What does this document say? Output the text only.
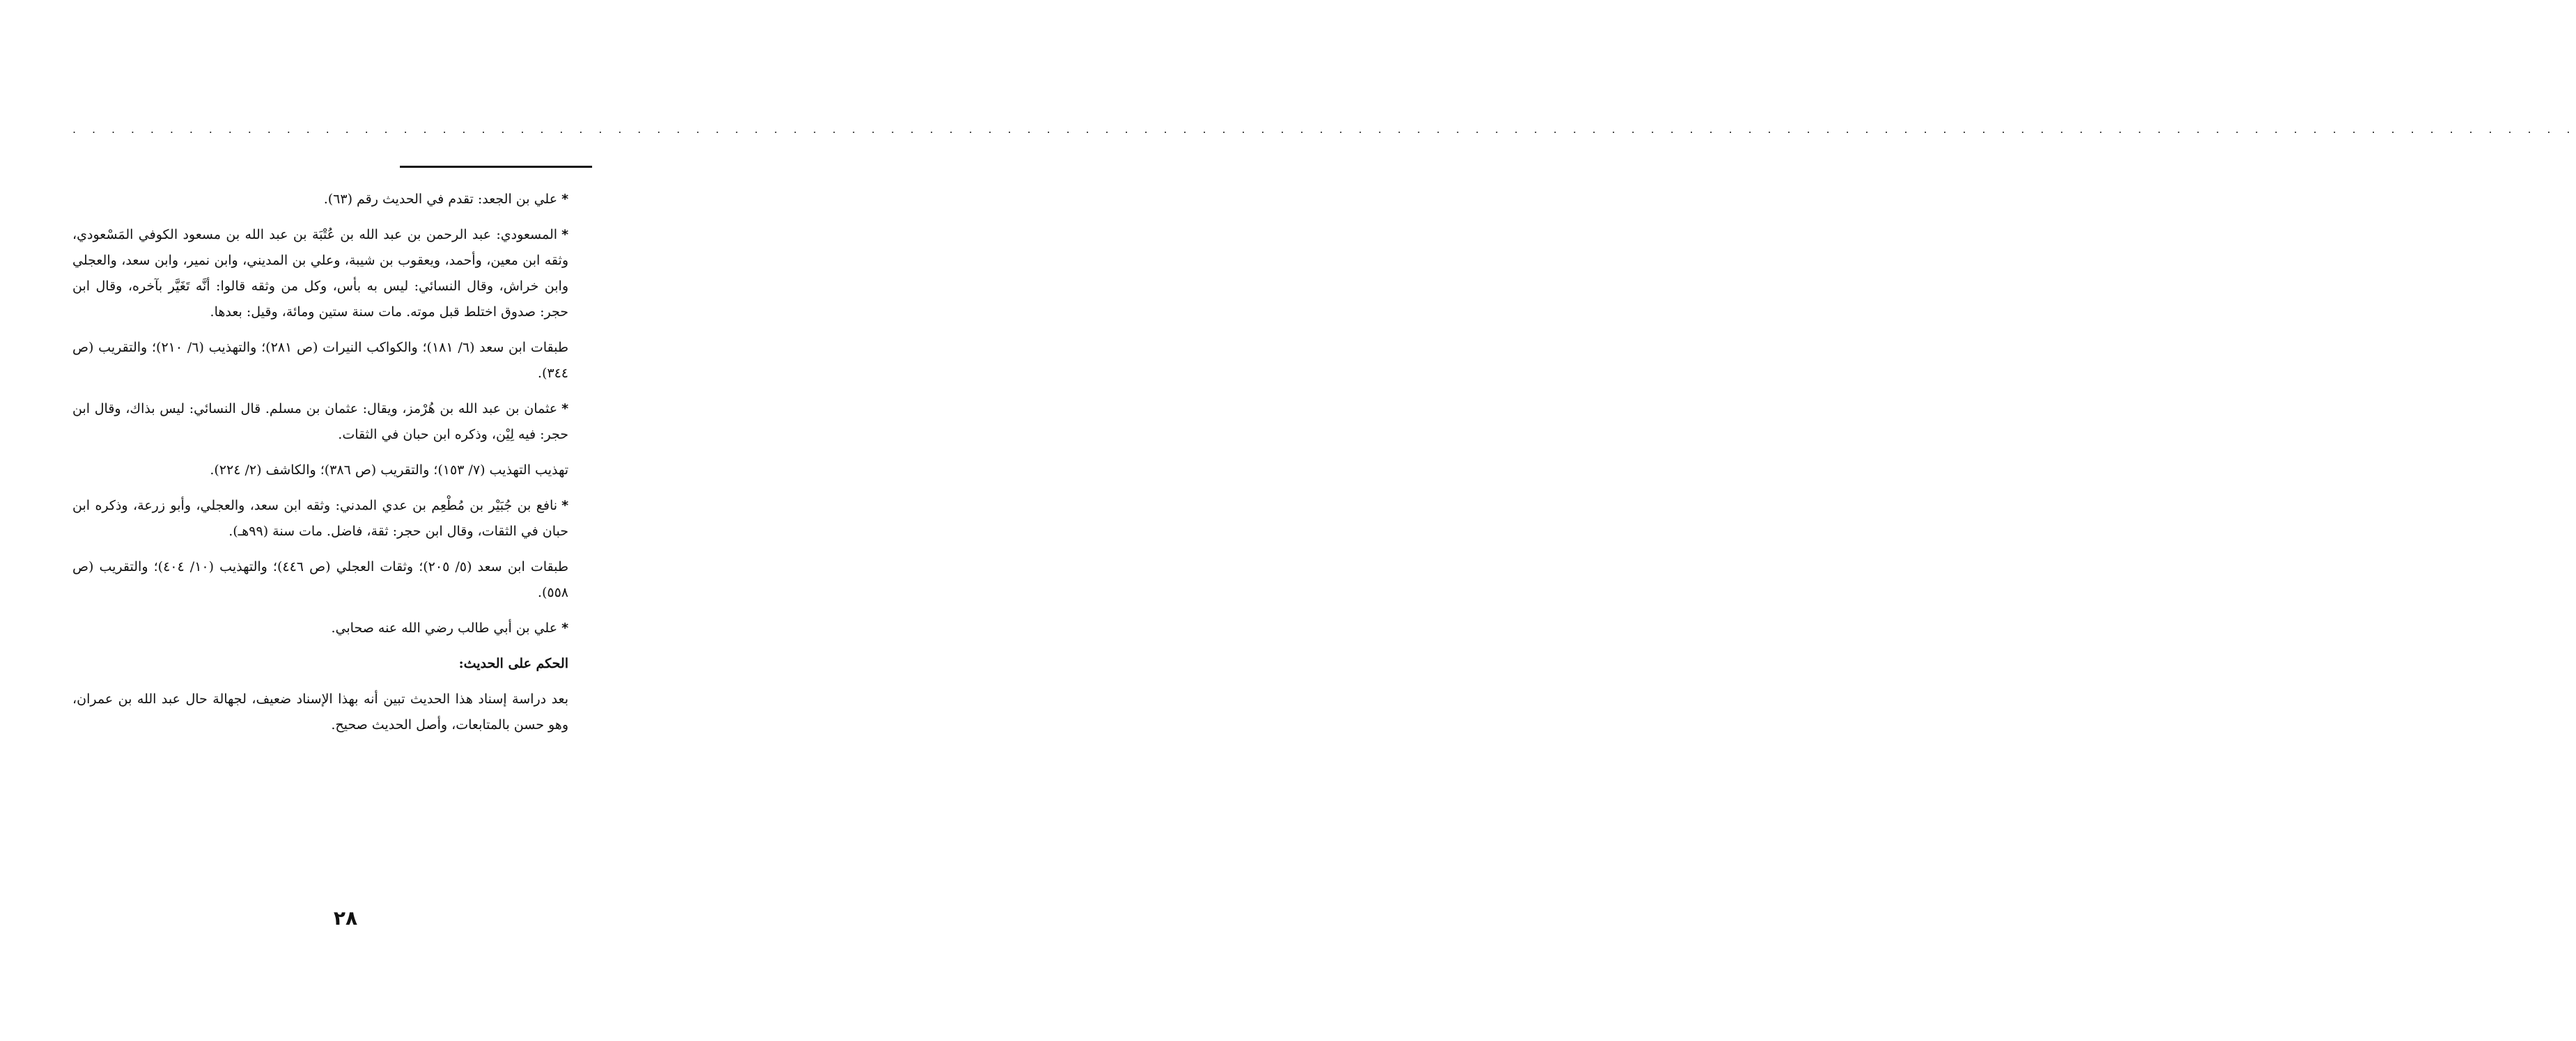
. . . . . . . . . . . . . . . . . . . . . . . . . . . . . . . . . . . . . . . . . . . . . . . . . . . . . . . . . . . . . . . . . . . . . . . . . . . . . . . . . . . . . . . . . . . . . . . . . . . . . . . . . . . . . . . . . . . . . . . . . . . . . . . . .

*علي بن الجعد: تقدم في الحديث رقم (٦٣).

*المسعودي: عبد الرحمن بن عبد الله بن عُتْبَة بن عبد الله بن مسعود الكوفي المَسْعودي، وثقه ابن معين، وأحمد، ويعقوب بن شيبة، وعلي بن المديني، وابن نمير، وابن سعد، والعجلي وابن خراش، وقال النسائي: ليس به بأس، وكل من وثقه قالوا: أنَّه تَغَيَّر بآخره، وقال ابن حجر: صدوق اختلط قبل موته. مات سنة ستين ومائة، وقيل: بعدها.

طبقات ابن سعد (٦/ ١٨١)؛ والكواكب النيرات (ص ٢٨١)؛ والتهذيب (٦/ ٢١٠)؛ والتقريب (ص ٣٤٤).

*عثمان بن عبد الله بن هُرْمز، ويقال: عثمان بن مسلم. قال النسائي: ليس بذاك، وقال ابن حجر: فيه لِيْن، وذكره ابن حبان في الثقات.

تهذيب التهذيب (٧/ ١٥٣)؛ والتقريب (ص ٣٨٦)؛ والكاشف (٢/ ٢٢٤).

*نافع بن جُبَيْر بن مُطْعِم بن عدي المدني: وثقه ابن سعد، والعجلي، وأبو زرعة، وذكره ابن حبان في الثقات، وقال ابن حجر: ثقة، فاضل. مات سنة (٩٩هـ).

طبقات ابن سعد (٥/ ٢٠٥)؛ وثقات العجلي (ص ٤٤٦)؛ والتهذيب (١٠/ ٤٠٤)؛ والتقريب (ص ٥٥٨).

*علي بن أبي طالب رضي الله عنه صحابي.

الحكم على الحديث:

بعد دراسة إسناد هذا الحديث تبين أنه بهذا الإسناد ضعيف، لجهالة حال عبد الله بن عمران، وهو حسن بالمتابعات، وأصل الحديث صحيح.

٢٨
